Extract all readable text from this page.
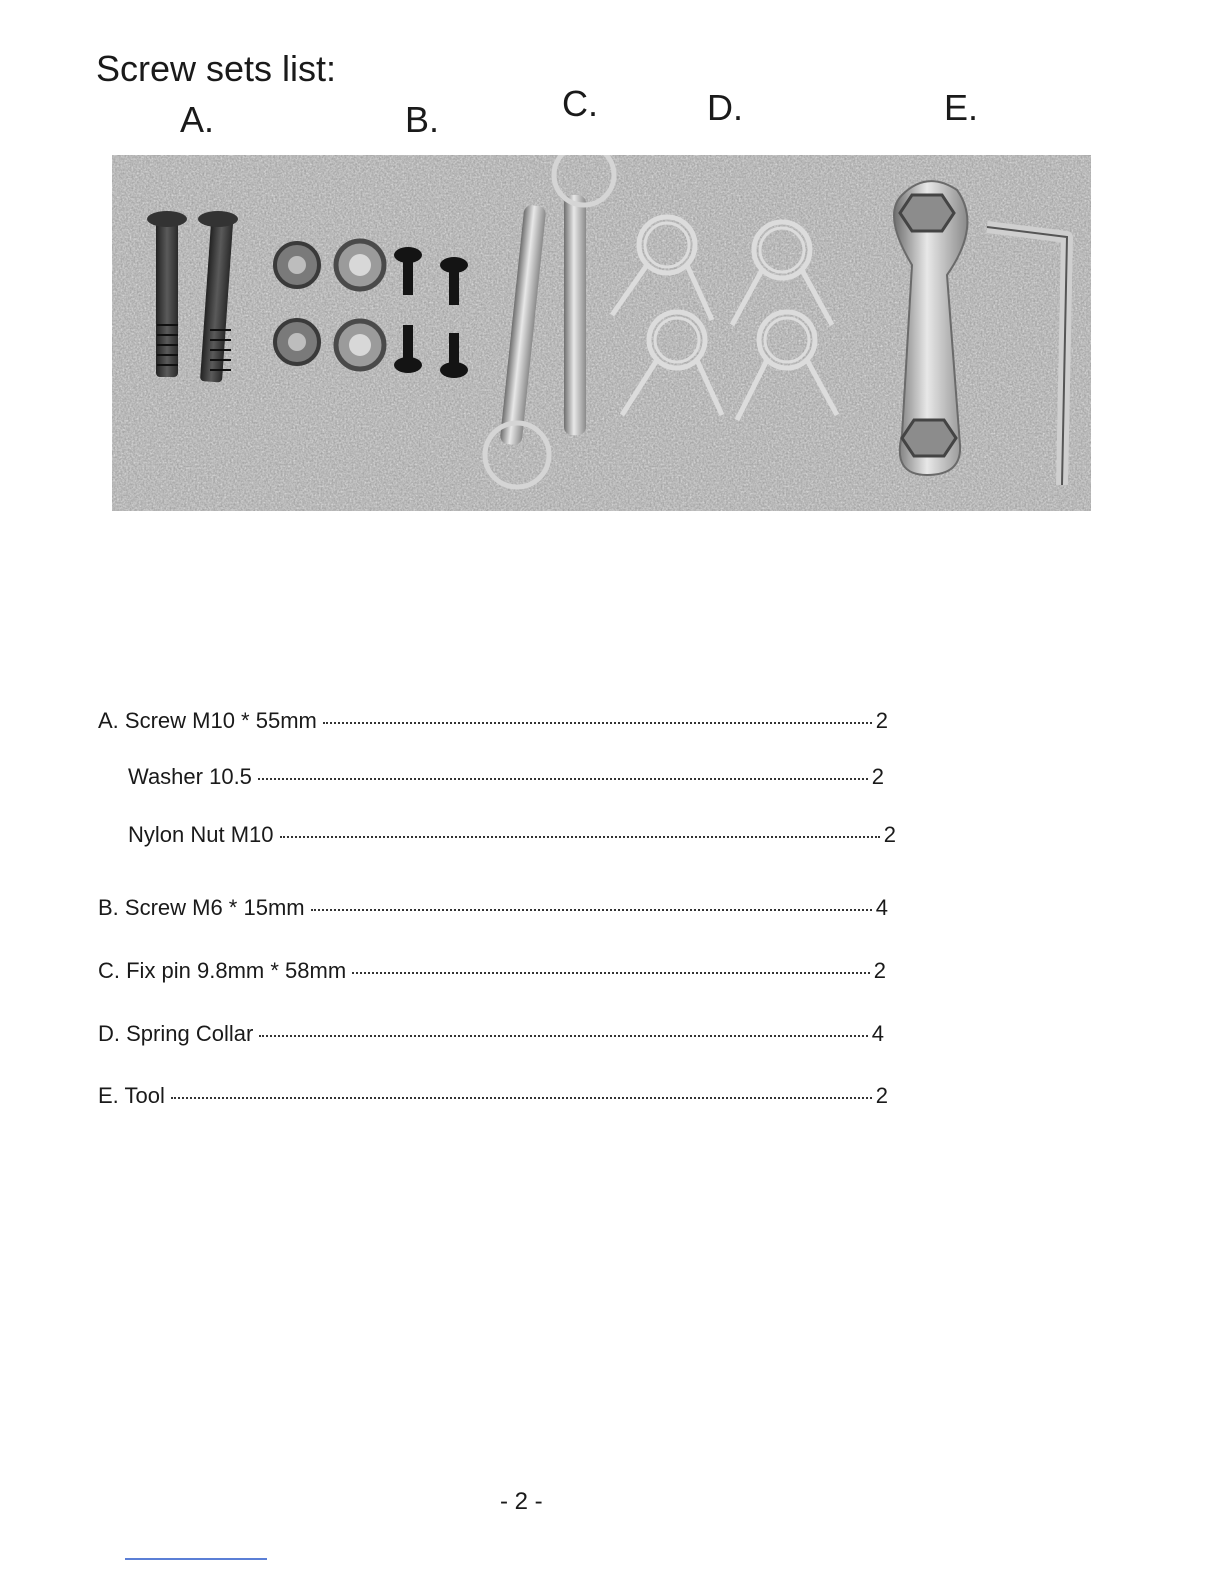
Screw sets list:
A.	B.	C.	D.	E.
A. Screw M10 * 55mm	2
Washer 10.5	2
Nylon Nut M10	2
B. Screw M6 * 15mm	4
C. Fix pin 9.8mm * 58mm	2
D. Spring Collar	4
E. Tool	2
- 2 -
